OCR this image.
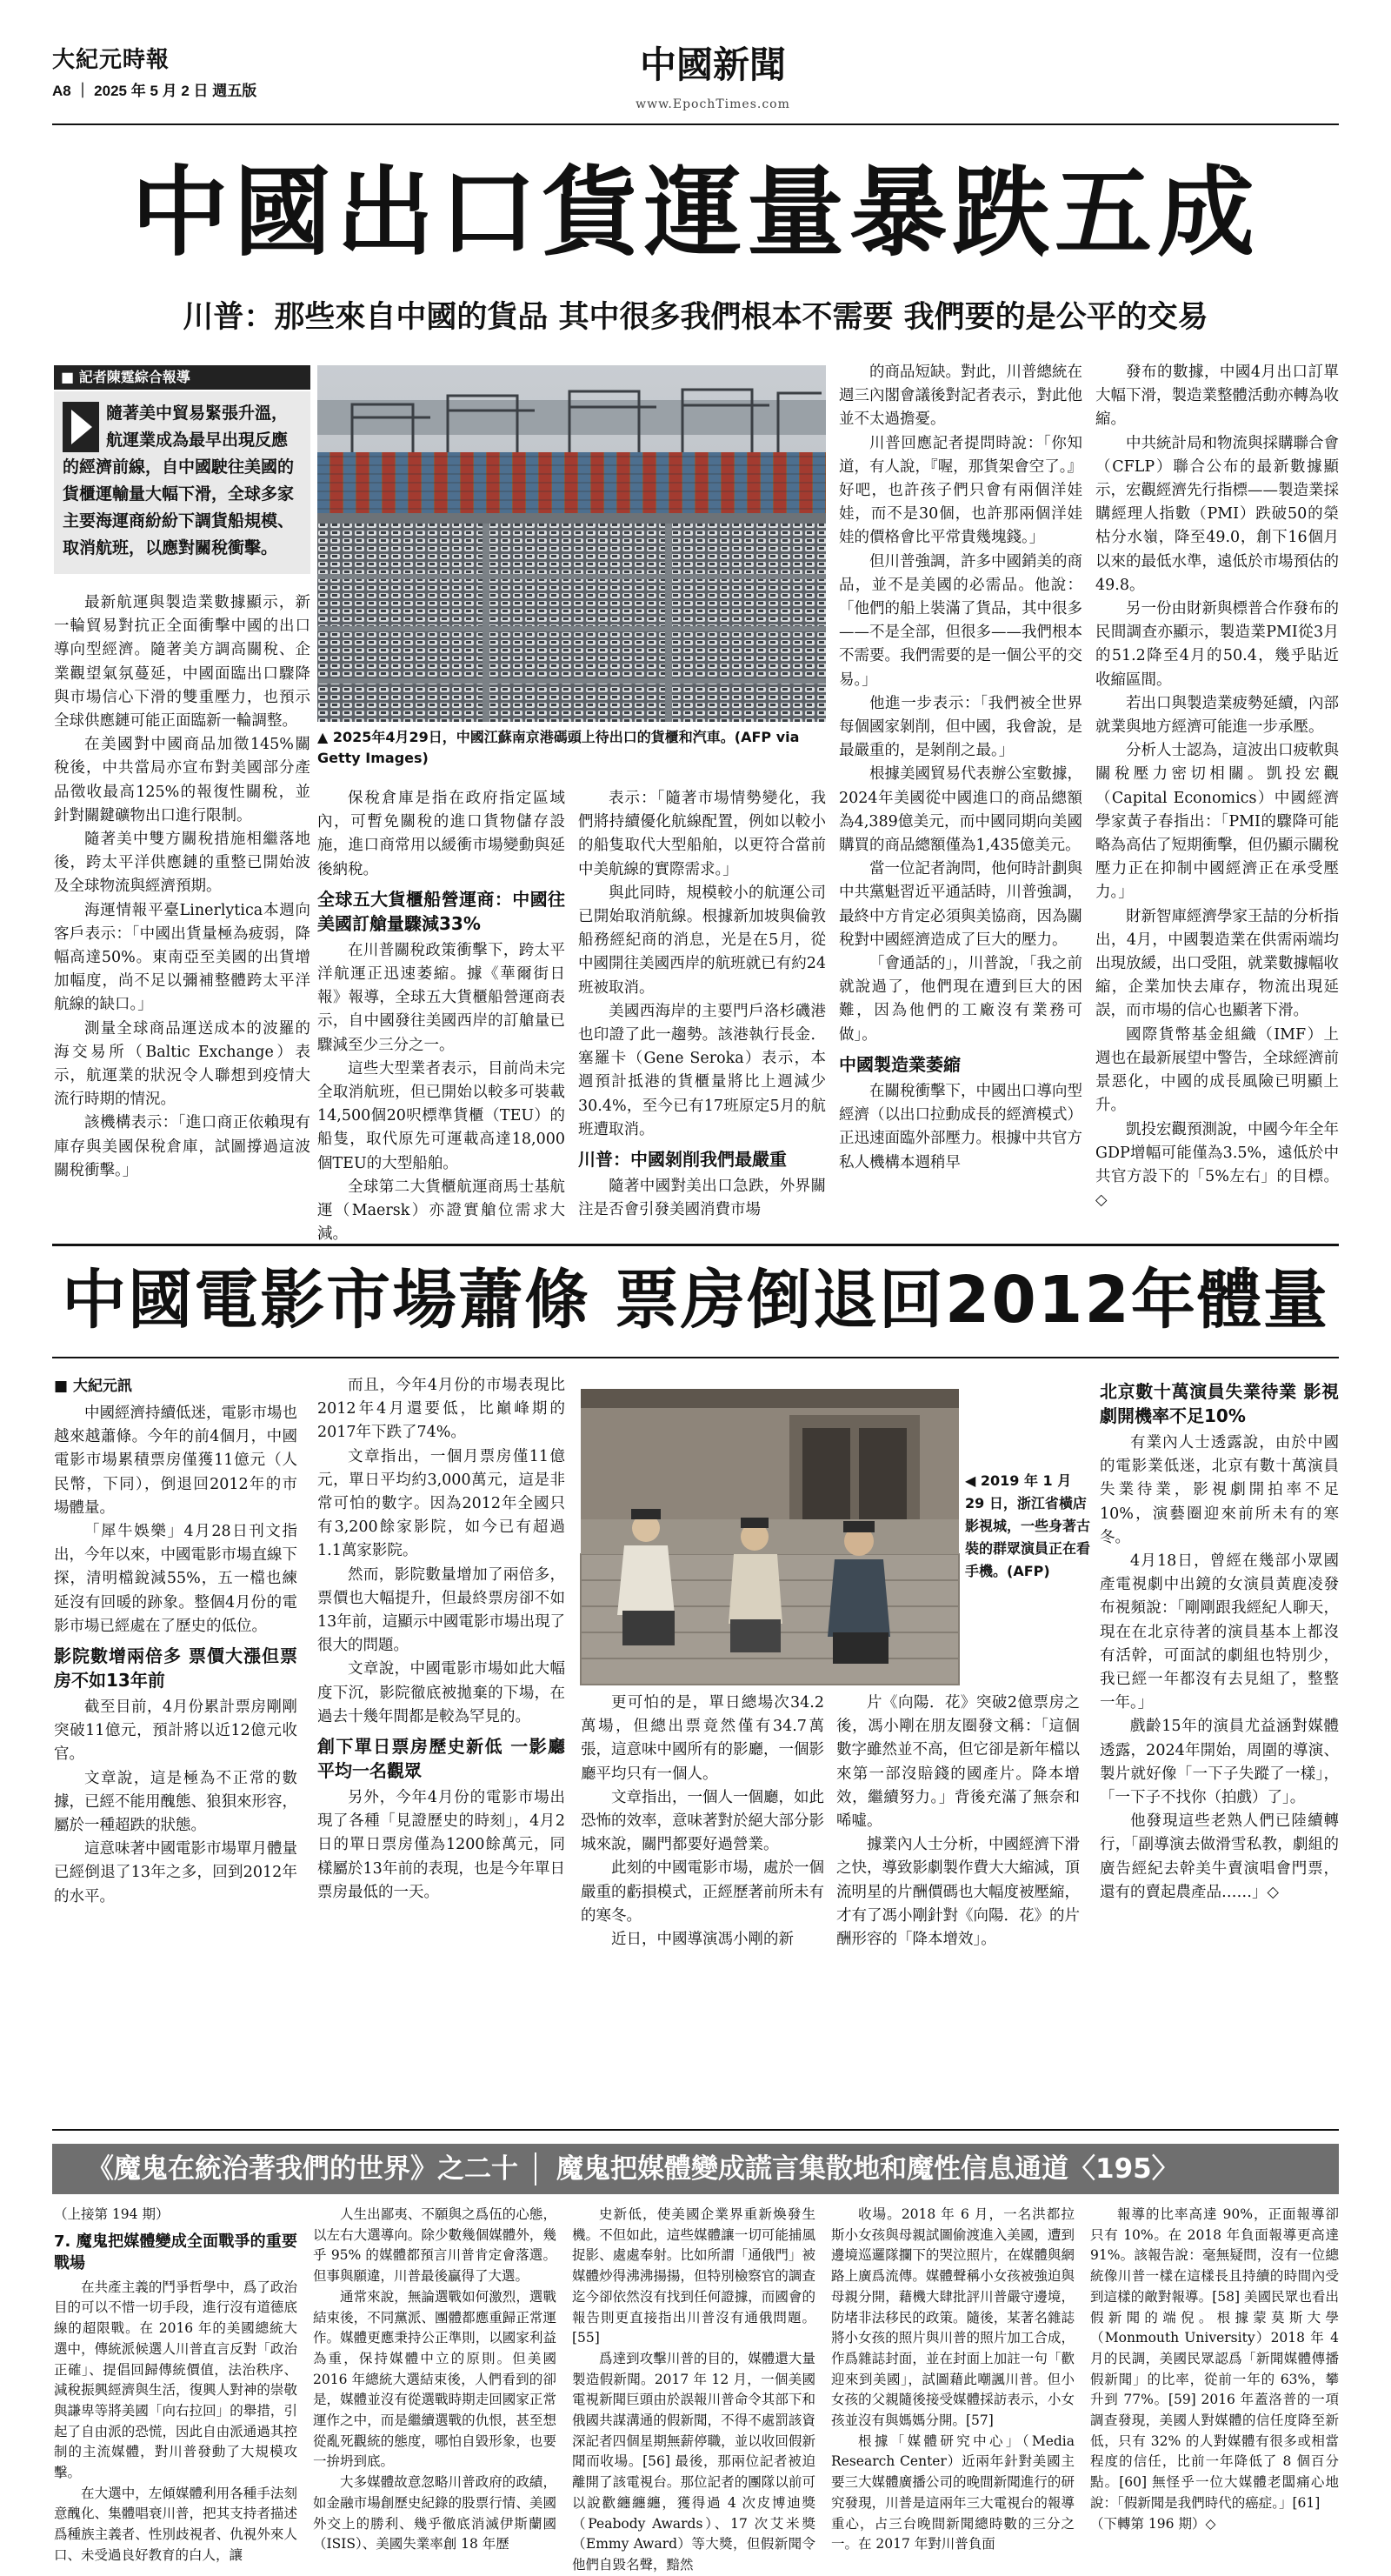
大紀元時報
A8 ｜ 2025 年 5 月 2 日 週五版
中國新聞
www.EpochTimes.com
中國出口貨運量暴跌五成
川普：那些來自中國的貨品 其中很多我們根本不需要 我們要的是公平的交易
■ 記者陳霆綜合報導
隨著美中貿易緊張升溫，航運業成為最早出現反應的經濟前線，自中國駛往美國的貨櫃運輸量大幅下滑，全球多家主要海運商紛紛下調貨船規模、取消航班，以應對關稅衝擊。

最新航運與製造業數據顯示，新一輪貿易對抗正全面衝擊中國的出口導向型經濟。隨著美方調高關稅、企業觀望氣氛蔓延，中國面臨出口驟降與市場信心下滑的雙重壓力，也預示全球供應鏈可能正面臨新一輪調整。

在美國對中國商品加徵145%關稅後，中共當局亦宣布對美國部分產品徵收最高125%的報復性關稅，並針對關鍵礦物出口進行限制。

隨著美中雙方關稅措施相繼落地後，跨太平洋供應鏈的重整已開始波及全球物流與經濟預期。

海運情報平臺Linerlytica本週向客戶表示：「中國出貨量極為疲弱，降幅高達50%。東南亞至美國的出貨增加幅度，尚不足以彌補整體跨太平洋航線的缺口。」

測量全球商品運送成本的波羅的海交易所（Baltic Exchange）表示，航運業的狀況令人聯想到疫情大流行時期的情況。

該機構表示：「進口商正依賴現有庫存與美國保稅倉庫，試圖撐過這波關稅衝擊。」

▲ 2025年4月29日，中國江蘇南京港碼頭上待出口的貨櫃和汽車。(AFP via Getty Images)

保稅倉庫是指在政府指定區域內，可暫免關稅的進口貨物儲存設施，進口商常用以緩衝市場變動與延後納稅。

全球五大貨櫃船營運商：中國往美國訂艙量驟減33%

在川普關稅政策衝擊下，跨太平洋航運正迅速萎縮。據《華爾街日報》報導，全球五大貨櫃船營運商表示，自中國發往美國西岸的訂艙量已驟減至少三分之一。

這些大型業者表示，目前尚未完全取消航班，但已開始以較多可裝載14,500個20呎標準貨櫃（TEU）的船隻，取代原先可運載高達18,000個TEU的大型船舶。

全球第二大貨櫃航運商馬士基航運（Maersk）亦證實艙位需求大減。

表示：「隨著市場情勢變化，我們將持續優化航線配置，例如以較小的船隻取代大型船舶，以更符合當前中美航線的實際需求。」

與此同時，規模較小的航運公司已開始取消航線。根據新加坡與倫敦船務經紀商的消息，光是在5月，從中國開往美國西岸的航班就已有約24班被取消。

美國西海岸的主要門戶洛杉磯港也印證了此一趨勢。該港執行長金．塞羅卡（Gene Seroka）表示，本週預計抵港的貨櫃量將比上週減少30.4%，至今已有17班原定5月的航班遭取消。

川普：中國剝削我們最嚴重

隨著中國對美出口急跌，外界關注是否會引發美國消費市場

的商品短缺。對此，川普總統在週三內閣會議後對記者表示，對此他並不太過擔憂。

川普回應記者提問時說：「你知道，有人說，『喔，那貨架會空了。』好吧，也許孩子們只會有兩個洋娃娃，而不是30個，也許那兩個洋娃娃的價格會比平常貴幾塊錢。」

但川普強調，許多中國銷美的商品，並不是美國的必需品。他說：「他們的船上裝滿了貨品，其中很多——不是全部，但很多——我們根本不需要。我們需要的是一個公平的交易。」

他進一步表示：「我們被全世界每個國家剝削，但中國，我會說，是最嚴重的，是剝削之最。」

根據美國貿易代表辦公室數據，2024年美國從中國進口的商品總額為4,389億美元，而中國同期向美國購買的商品總額僅為1,435億美元。

當一位記者詢問，他何時計劃與中共黨魁習近平通話時，川普強調，最終中方肯定必須與美協商，因為關稅對中國經濟造成了巨大的壓力。

「會通話的」，川普說，「我之前就說過了，他們現在遭到巨大的困難，因為他們的工廠沒有業務可做」。

中國製造業萎縮

在關稅衝擊下，中國出口導向型經濟（以出口拉動成長的經濟模式）正迅速面臨外部壓力。根據中共官方私人機構本週稍早

發布的數據，中國4月出口訂單大幅下滑，製造業整體活動亦轉為收縮。

中共統計局和物流與採購聯合會（CFLP）聯合公布的最新數據顯示，宏觀經濟先行指標——製造業採購經理人指數（PMI）跌破50的榮枯分水嶺，降至49.0，創下16個月以來的最低水準，遠低於市場預估的49.8。

另一份由財新與標普合作發布的民間調查亦顯示，製造業PMI從3月的51.2降至4月的50.4，幾乎貼近收縮區間。

若出口與製造業疲勢延續，內部就業與地方經濟可能進一步承壓。

分析人士認為，這波出口疲軟與關稅壓力密切相關。凱投宏觀（Capital Economics）中國經濟學家黃子春指出：「PMI的驟降可能略為高估了短期衝擊，但仍顯示關稅壓力正在抑制中國經濟正在承受壓力。」

財新智庫經濟學家王喆的分析指出，4月，中國製造業在供需兩端均出現放緩，出口受阻，就業數據幅收縮，企業加快去庫存，物流出現延誤，而市場的信心也顯著下滑。

國際貨幣基金組織（IMF）上週也在最新展望中警告，全球經濟前景惡化，中國的成長風險已明顯上升。

凱投宏觀預測說，中國今年全年GDP增幅可能僅為3.5%，遠低於中共官方設下的「5%左右」的目標。◇

中國電影市場蕭條 票房倒退回2012年體量
■ 大紀元訊

中國經濟持續低迷，電影市場也越來越蕭條。今年的前4個月，中國電影市場累積票房僅獲11億元（人民幣，下同），倒退回2012年的市場體量。

「犀牛娛樂」4月28日刊文指出，今年以來，中國電影市場直線下探，清明檔銳減55%，五一檔也練延沒有回暖的跡象。整個4月份的電影市場已經處在了歷史的低位。

影院數增兩倍多 票價大漲但票房不如13年前

截至目前，4月份累計票房剛剛突破11億元，預計將以近12億元收官。

文章說，這是極為不正常的數據，已經不能用醜態、狼狽來形容，屬於一種超跌的狀態。

這意味著中國電影市場單月體量已經倒退了13年之多，回到2012年的水平。

而且，今年4月份的市場表現比2012年4月還要低，比巔峰期的2017年下跌了74%。

文章指出，一個月票房僅11億元，單日平均約3,000萬元，這是非常可怕的數字。因為2012年全國只有3,200餘家影院，如今已有超過1.1萬家影院。

然而，影院數量增加了兩倍多，票價也大幅提升，但最終票房卻不如13年前，這顯示中國電影市場出現了很大的問題。

文章說，中國電影市場如此大幅度下沉，影院徹底被拋棄的下場，在過去十幾年間都是較為罕見的。

創下單日票房歷史新低 一影廳平均一名觀眾

另外，今年4月份的電影市場出現了各種「見證歷史的時刻」，4月2日的單日票房僅為1200餘萬元，同樣屬於13年前的表現，也是今年單日票房最低的一天。

◀ 2019 年 1 月 29 日，浙江省橫店影視城，一些身著古裝的群眾演員正在看手機。(AFP)

更可怕的是，單日總場次34.2萬場，但總出票竟然僅有34.7萬張，這意味中國所有的影廳，一個影廳平均只有一個人。

文章指出，一個人一個廳，如此恐怖的效率，意味著對於絕大部分影城來說，關門都要好過營業。

此刻的中國電影市場，處於一個嚴重的虧損模式，正經歷著前所未有的寒冬。

近日，中國導演馮小剛的新

片《向陽．花》突破2億票房之後，馮小剛在朋友圈發文稱：「這個數字雖然並不高，但它卻是新年檔以來第一部沒賠錢的國產片。降本增效，繼續努力。」背後充滿了無奈和唏噓。

據業內人士分析，中國經濟下滑之快，導致影劇製作費大大縮減，頂流明星的片酬價碼也大幅度被壓縮，才有了馮小剛針對《向陽．花》的片酬形容的「降本增效」。

北京數十萬演員失業待業 影視劇開機率不足10%

有業內人士透露說，由於中國的電影業低迷，北京有數十萬演員失業待業，影視劇開拍率不足10%，演藝圈迎來前所未有的寒冬。

4月18日，曾經在幾部小眾國產電視劇中出鏡的女演員黃鹿凌發布視頻說：「剛剛跟我經紀人聊天，現在在北京待著的演員基本上都沒有活幹，可面試的劇組也特別少，我已經一年都沒有去見組了，整整一年。」

戲齡15年的演員尤益涵對媒體透露，2024年開始，周圍的導演、製片就好像「一下子失蹤了一樣」，「一下子不找你（拍戲）了」。

他發現這些老熟人們已陸續轉行，「副導演去做滑雪私教，劇組的廣告經紀去幹美牛賣演唱會門票，還有的賣起農產品……」◇

《魔鬼在統治著我們的世界》之二十 魔鬼把媒體變成謊言集散地和魔性信息通道〈195〉
（上接第 194 期）
7. 魔鬼把媒體變成全面戰爭的重要戰場

在共產主義的鬥爭哲學中，爲了政治目的可以不惜一切手段，進行沒有道德底線的超限戰。在 2016 年的美國總統大選中，傳統派候選人川普直言反對「政治正確」、提倡回歸傳統價值，法治秩序、減稅振興經濟與生活，復興人對神的崇敬與謙卑等將美國「向右拉回」的舉措，引起了自由派的恐慌，因此自由派通過其控制的主流媒體，對川普發動了大規模攻擊。

在大選中，左傾媒體利用各種手法刻意醜化、集體唱衰川普，把其支持者描述爲種族主義者、性別歧視者、仇視外來人口、未受過良好教育的白人，讓

人生出鄙夷、不願與之爲伍的心態，以左右大選導向。除少數幾個媒體外，幾乎 95% 的媒體都預言川普肯定會落選。但事與願違，川普最後贏得了大選。

通常來說，無論選戰如何激烈，選戰結束後，不同黨派、團體都應重歸正常運作。媒體更應秉持公正準則，以國家利益為重，保持媒體中立的原則。但美國 2016 年總統大選結束後，人們看到的卻是，媒體並沒有從選戰時期走回國家正常運作之中，而是繼續選戰的仇恨，甚至想從亂死觀統的態度，哪怕自毀形象，也要一拚坍到底。

大多媒體故意忽略川普政府的政績，如金融市場創歷史紀錄的股票行情、美國外交上的勝利、幾乎徹底消滅伊斯蘭國（ISIS）、美國失業率創 18 年歷

史新低，使美國企業界重新煥發生機。不但如此，這些媒體讓一切可能捕風捉影、處處奉射。比如所謂「通俄門」被媒體炒得沸沸揚揚，但特別檢察官的調查迄今卻依然沒有找到任何證據，而國會的報告則更直接指出川普沒有通俄問題。[55]

爲達到攻擊川普的目的，媒體還大量製造假新聞。2017 年 12 月，一個美國電視新聞巨頭由於誤報川普命令其部下和俄國共謀溝通的假新聞，不得不處罰該資深記者四個星期無薪停職，並以收回假新聞而收場。[56] 最後，那兩位記者被迫離開了該電視台。那位記者的團隊以前可以說歡纏纏纏，獲得過 4 次皮博迪獎（Peabody Awards）、17 次艾米獎（Emmy Award）等大獎，但假新聞令他們自毀名聲，黯然

收場。2018 年 6 月，一名洪都拉斯小女孩與母親試圖偷渡進入美國，遭到邊境巡邏隊攔下的哭泣照片，在媒體與網路上廣爲流傳。媒體聲稱小女孩被強迫與母親分開，藉機大肆批評川普嚴守邊境，防堵非法移民的政策。隨後，某著名雜誌將小女孩的照片與川普的照片加工合成，作爲雜誌封面，並在封面上加註一句「歡迎來到美國」，試圖藉此嘲諷川普。但小女孩的父親隨後接受媒體採訪表示，小女孩並沒有與媽媽分開。[57]

根據「媒體研究中心」（Media Research Center）近兩年針對美國主要三大媒體廣播公司的晚間新聞進行的研究發現，川普是這兩年三大電視台的報導重心，占三台晚間新聞總時數的三分之一。在 2017 年對川普負面

報導的比率高達 90%，正面報導卻只有 10%。在 2018 年負面報導更高達 91%。該報告說：毫無疑問，沒有一位總統像川普一樣在這樣長且持續的時間內受到這樣的敵對報導。[58] 美國民眾也看出假新聞的端倪。根據蒙莫斯大學（Monmouth University）2018 年 4 月的民調，美國民眾認爲「新聞媒體傳播假新聞」的比率，從前一年的 63%，攀升到 77%。[59] 2016 年蓋洛普的一項調查發現，美國人對媒體的信任度降至新低，只有 32% 的人對媒體有很多或相當程度的信任，比前一年降低了 8 個百分點。[60] 無怪乎一位大媒體老闆痛心地說：「假新聞是我們時代的癌症。」[61]

（下轉第 196 期）◇
